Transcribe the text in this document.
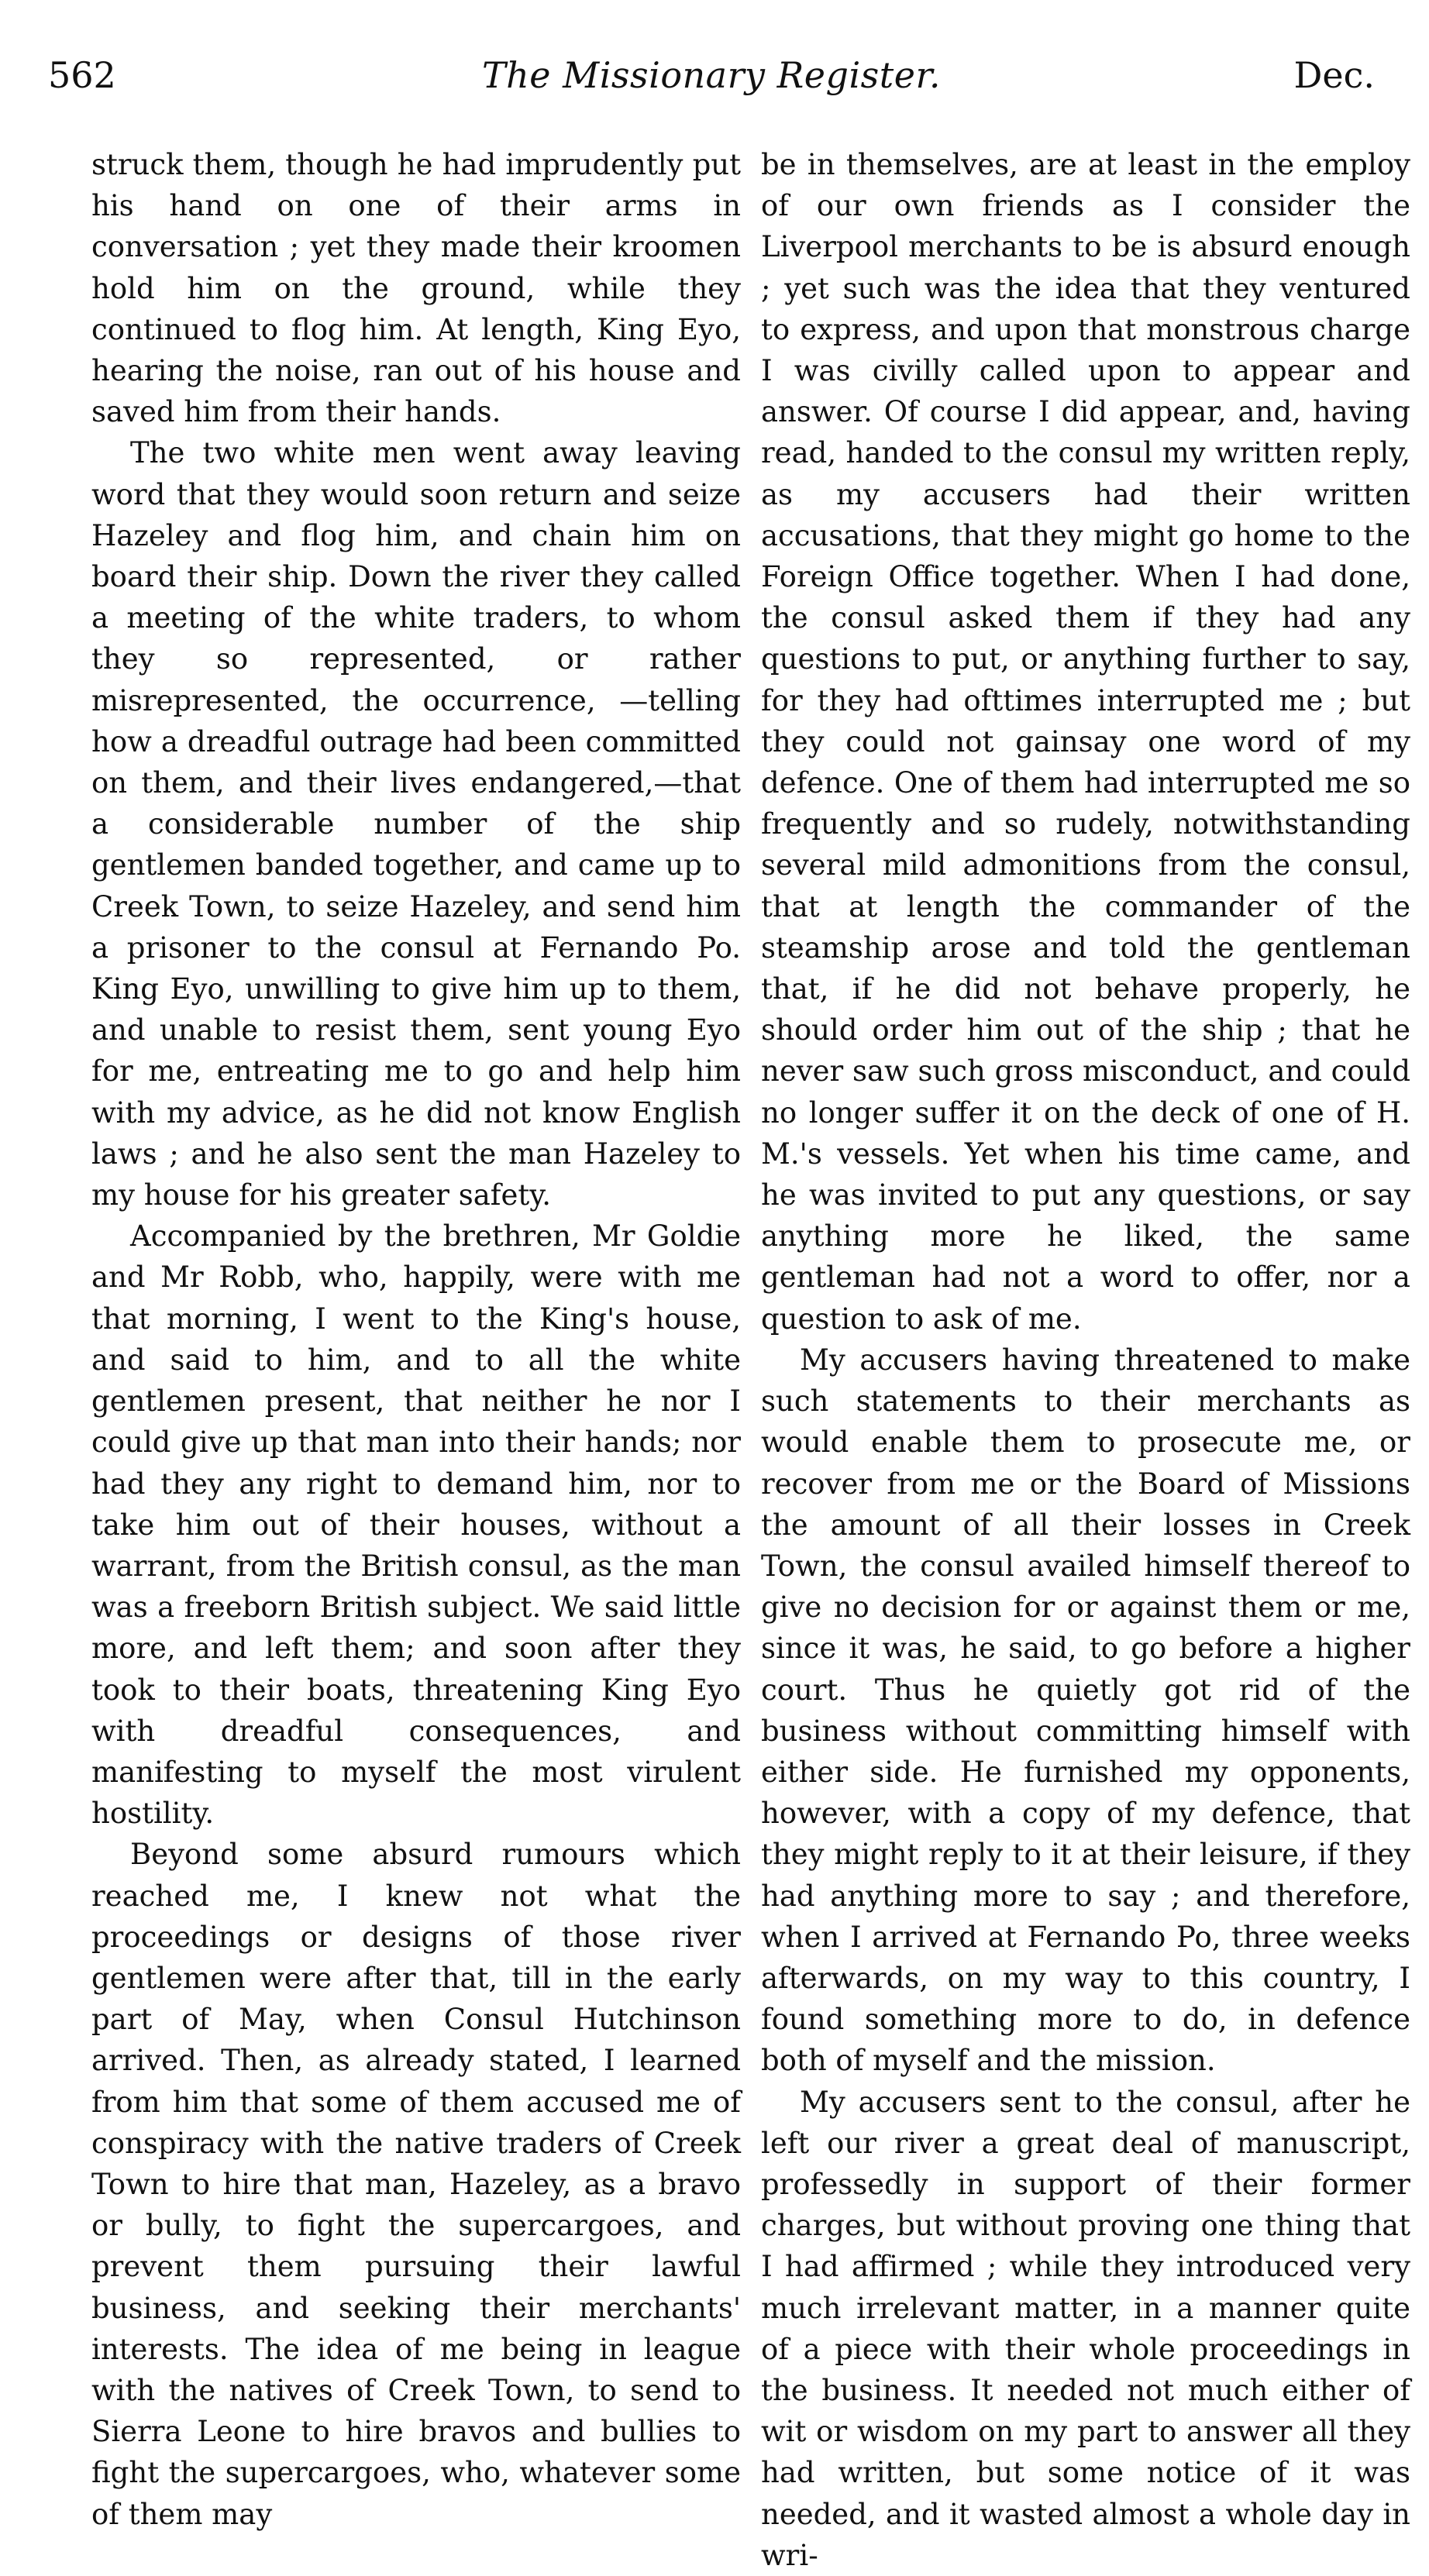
562	The Missionary Register.	Dec.

struck them, though he had imprudently put his hand on one of their arms in conversation ; yet they made their kroomen hold him on the ground, while they continued to flog him. At length, King Eyo, hearing the noise, ran out of his house and saved him from their hands.

The two white men went away leaving word that they would soon return and seize Hazeley and flog him, and chain him on board their ship. Down the river they called a meeting of the white traders, to whom they so represented, or rather misrepresented, the occurrence, —telling how a dreadful outrage had been committed on them, and their lives endangered,—that a considerable number of the ship gentlemen banded together, and came up to Creek Town, to seize Hazeley, and send him a prisoner to the consul at Fernando Po. King Eyo, unwilling to give him up to them, and unable to resist them, sent young Eyo for me, entreating me to go and help him with my advice, as he did not know English laws ; and he also sent the man Hazeley to my house for his greater safety.

Accompanied by the brethren, Mr Goldie and Mr Robb, who, happily, were with me that morning, I went to the King's house, and said to him, and to all the white gentlemen present, that neither he nor I could give up that man into their hands; nor had they any right to demand him, nor to take him out of their houses, without a warrant, from the British consul, as the man was a freeborn British subject. We said little more, and left them; and soon after they took to their boats, threatening King Eyo with dreadful consequences, and manifesting to myself the most virulent hostility.

Beyond some absurd rumours which reached me, I knew not what the proceedings or designs of those river gentlemen were after that, till in the early part of May, when Consul Hutchinson arrived. Then, as already stated, I learned from him that some of them accused me of conspiracy with the native traders of Creek Town to hire that man, Hazeley, as a bravo or bully, to fight the supercargoes, and prevent them pursuing their lawful business, and seeking their merchants' interests. The idea of me being in league with the natives of Creek Town, to send to Sierra Leone to hire bravos and bullies to fight the supercargoes, who, whatever some of them may

be in themselves, are at least in the employ of our own friends as I consider the Liverpool merchants to be is absurd enough ; yet such was the idea that they ventured to express, and upon that monstrous charge I was civilly called upon to appear and answer. Of course I did appear, and, having read, handed to the consul my written reply, as my accusers had their written accusations, that they might go home to the Foreign Office together. When I had done, the consul asked them if they had any questions to put, or anything further to say, for they had ofttimes interrupted me ; but they could not gainsay one word of my defence. One of them had interrupted me so frequently and so rudely, notwithstanding several mild admonitions from the consul, that at length the commander of the steamship arose and told the gentleman that, if he did not behave properly, he should order him out of the ship ; that he never saw such gross misconduct, and could no longer suffer it on the deck of one of H. M.'s vessels. Yet when his time came, and he was invited to put any questions, or say anything more he liked, the same gentleman had not a word to offer, nor a question to ask of me.

My accusers having threatened to make such statements to their merchants as would enable them to prosecute me, or recover from me or the Board of Missions the amount of all their losses in Creek Town, the consul availed himself thereof to give no decision for or against them or me, since it was, he said, to go before a higher court. Thus he quietly got rid of the business without committing himself with either side. He furnished my opponents, however, with a copy of my defence, that they might reply to it at their leisure, if they had anything more to say ; and therefore, when I arrived at Fernando Po, three weeks afterwards, on my way to this country, I found something more to do, in defence both of myself and the mission.

My accusers sent to the consul, after he left our river a great deal of manuscript, professedly in support of their former charges, but without proving one thing that I had affirmed ; while they introduced very much irrelevant matter, in a manner quite of a piece with their whole proceedings in the business. It needed not much either of wit or wisdom on my part to answer all they had written, but some notice of it was needed, and it wasted almost a whole day in wri-
